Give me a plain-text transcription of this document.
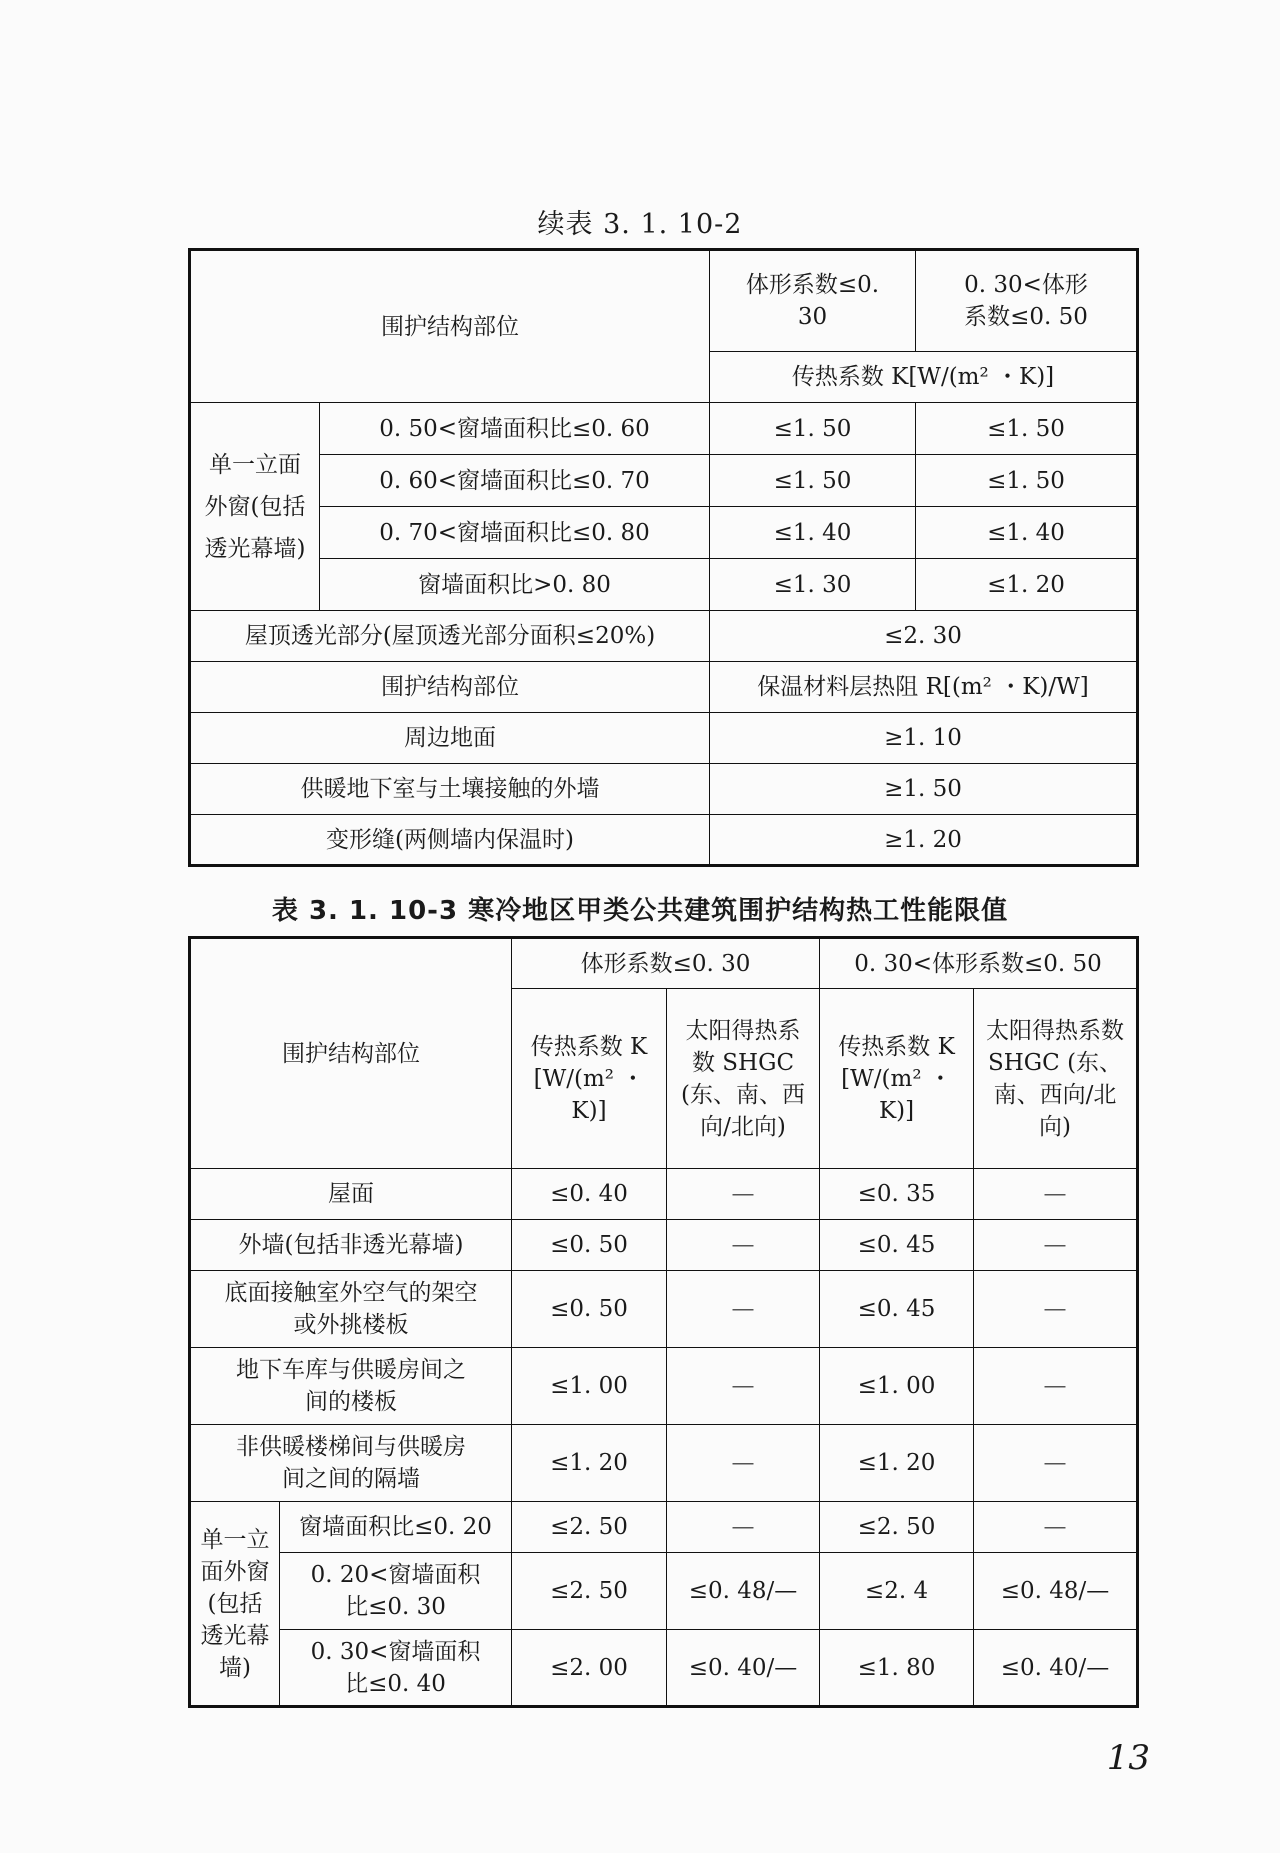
续表 3. 1. 10-2
围护结构部位		体形系数≤0. 30	0. 30<体形系数≤0. 50
		传热系数 K[W/(m² ・K)]	
单一立面外窗(包括透光幕墙)	0. 50<窗墙面积比≤0. 60	≤1. 50	≤1. 50
	0. 60<窗墙面积比≤0. 70	≤1. 50	≤1. 50
	0. 70<窗墙面积比≤0. 80	≤1. 40	≤1. 40
	窗墙面积比>0. 80	≤1. 30	≤1. 20
屋顶透光部分(屋顶透光部分面积≤20%)		≤2. 30	
围护结构部位		保温材料层热阻 R[(m² ・K)/W]	
周边地面		≥1. 10	
供暖地下室与土壤接触的外墙		≥1. 50	
变形缝(两侧墙内保温时)		≥1. 20	
表 3. 1. 10-3 寒冷地区甲类公共建筑围护结构热工性能限值
围护结构部位		体形系数≤0. 30		0. 30<体形系数≤0. 50	
		传热系数 K [W/(m² ・K)]	太阳得热系数 SHGC (东、南、西向/北向)	传热系数 K [W/(m² ・K)]	太阳得热系数 SHGC (东、南、西向/北向)
屋面		≤0. 40	—	≤0. 35	—
外墙(包括非透光幕墙)		≤0. 50	—	≤0. 45	—
底面接触室外空气的架空或外挑楼板		≤0. 50	—	≤0. 45	—
地下车库与供暖房间之间的楼板		≤1. 00	—	≤1. 00	—
非供暖楼梯间与供暖房间之间的隔墙		≤1. 20	—	≤1. 20	—
单一立面外窗(包括透光幕墙)	窗墙面积比≤0. 20	≤2. 50	—	≤2. 50	—
	0. 20<窗墙面积比≤0. 30	≤2. 50	≤0. 48/—	≤2. 4	≤0. 48/—
	0. 30<窗墙面积比≤0. 40	≤2. 00	≤0. 40/—	≤1. 80	≤0. 40/—
13
